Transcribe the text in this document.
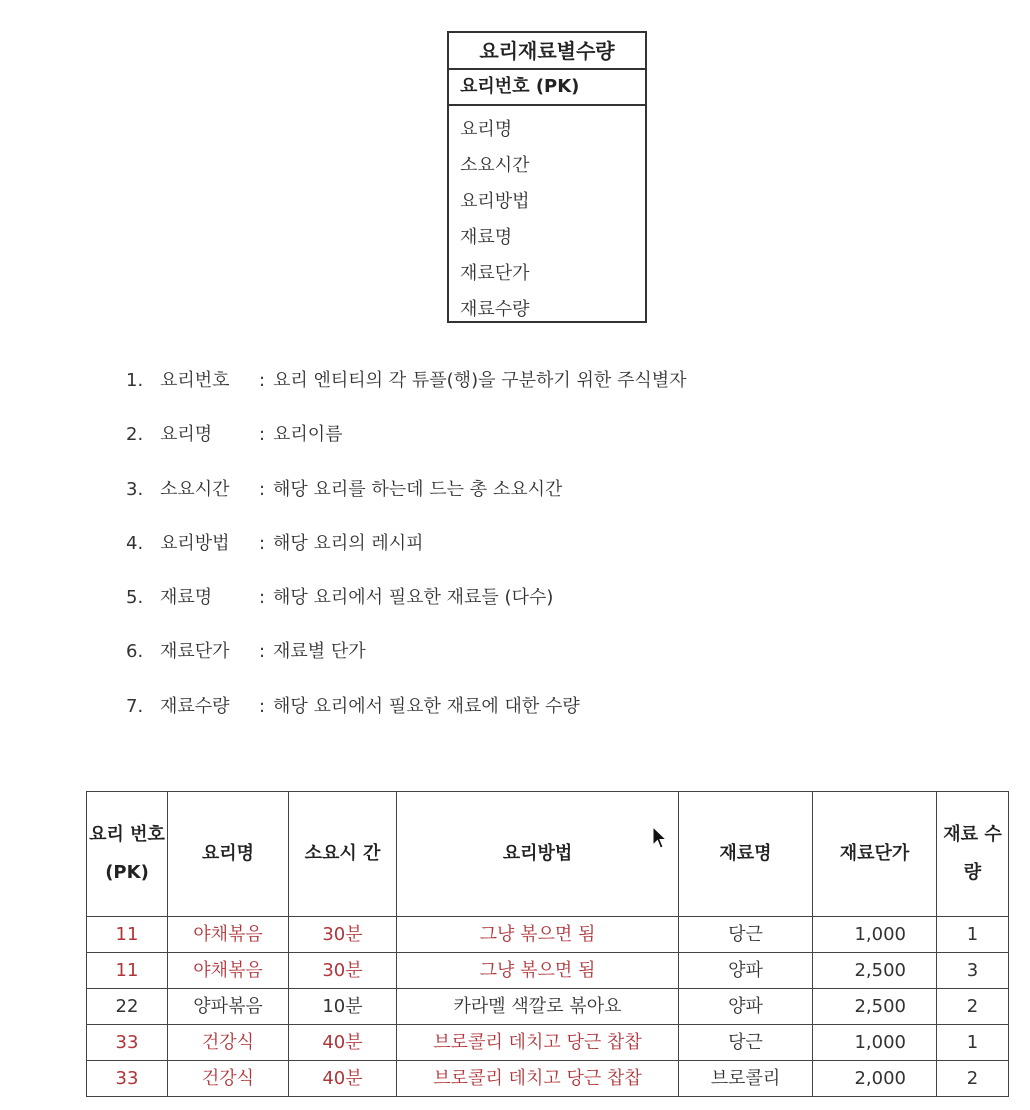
요리재료별수량
요리번호 (PK)
요리명
소요시간
요리방법
재료명
재료단가
재료수량
1. 요리번호 : 요리 엔티티의 각 튜플(행)을 구분하기 위한 주식별자
2. 요리명	: 요리이름
3. 소요시간 : 해당 요리를 하는데 드는 총 소요시간
4. 요리방법 : 해당 요리의 레시피
5. 재료명	: 해당 요리에서 필요한 재료들 (다수)
6. 재료단가 : 재료별 단가
7. 재료수량 : 해당 요리에서 필요한 재료에 대한 수량
요리 번호 (PK)	요리명	소요시 간	요리방법	재료명	재료단가	재료 수량
11	야채볶음	30분	그냥 볶으면 됨	당근	1,000	1
11	야채볶음	30분	그냥 볶으면 됨	양파	2,500	3
22	양파볶음	10분	카라멜 색깔로 볶아요	양파	2,500	2
33	건강식	40분	브로콜리 데치고 당근 찹찹	당근	1,000	1
33	건강식	40분	브로콜리 데치고 당근 찹찹	브로콜리	2,000	2
